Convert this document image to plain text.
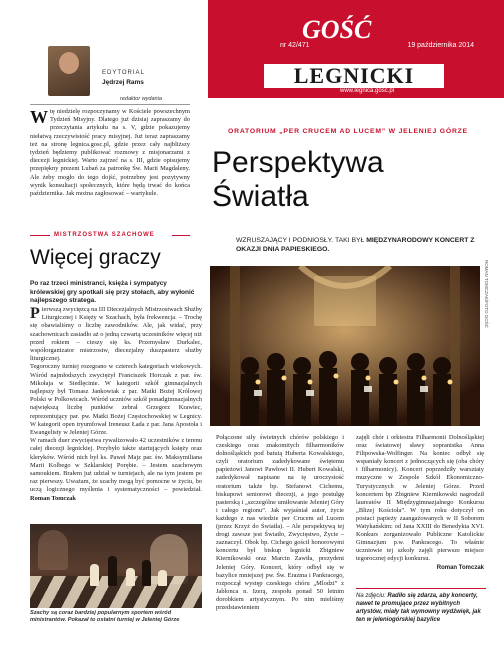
nr 42/471	19 października 2014
GOŚĆ
LEGNICKI
www.legnica.gosc.pl
EDYTORIAL
Jędrzej Rams
redaktor wydania
Wtę niedzielę rozpoczynamy w Kościele powszechnym Tydzień Misyjny. Dlatego już dzisiaj zapraszamy do przeczytania artykułu na s. V, gdzie pokazujemy niełatwą rzeczywistość pracy misyjnej. Już teraz zapraszamy też na stronę legnica.gosc.pl, gdzie przez cały najbliższy tydzień będziemy publikować rozmowy z misjonarzami z diecezji legnickiej. Warto zajrzeć na s. III, gdzie opisujemy przepiękny prezent Lubań za patronkę Św. Marii Magdaleny. Ale żeby mogło do tego dojść, potrzebny jest pozytywny wynik konsultacji społecznych, które będą trwać do końca października. Jak można zagłosować – wartykule.
MISTRZOSTWA SZACHOWE
Więcej graczy
Po raz trzeci ministranci, księża i sympatycy królewskiej gry spotkali się przy stołach, aby wyłonić najlepszego stratega.

Pierwszą zwycięzcą na III Diecezjalnych Mistrzostwach Służby Liturgicznej i Księży w Szachach, była frekwencja. – Trochę się obawialiśmy o liczbę zawodników. Ale, jak widać, przy szachownicach zasiadło aż o jedną czwartą uczestników więcej niż przed rokiem – cieszy się ks. Przemysław Durkalec, współorganizator mistrzostw, diecezjalny duszpasterz służby liturgicznej.

Tegoroczny turniej rozegrano w czterech kategoriach wiekowych. Wśród najmłodszych zwyciężył Franciszek Horczak z par. św. Mikołaja w Siedlęcinie. W kategorii szkół gimnazjalnych najlepszy był Tomasz Jankowiak z par. Matki Bożej Królowej Polski w Polkowicach. Wśród uczniów szkół ponadgimnazjalnych największą liczbę punktów zebrał Grzegorz Krawiec, reprezentujący par. pw. Matki Bożej Częstochowskiej w Legnicy. W kategorii open tryumfował Ireneusz Łada z par. Jana Apostoła i Ewangelisty w Jeleniej Górze.

W ramach duer zwycięstwa rywalizowało 42 uczestników z terenu całej diecezji legnickiej. Przybyło także startujących księży oraz kleryków. Wśród nich był ks. Paweł Majz par. św. Maksymiliana Marii Kolbego w Szklarskiej Porębie. – Jestem szachowym samoukiem. Brałem już udział w turniejach, ale na tym jestem po raz pierwszy. Uważam, że szachy mogą być pomocne w życiu, bo uczą logicznego myślenia i systematyczności – powiedział. Roman Tomczak

Szachy są coraz bardziej popularnym sportem wśród ministrantów. Pokazał to ostatni turniej w Jeleniej Górze
ORATORIUM „PER CRUCEM AD LUCEM” W JELENIEJ GÓRZE
Perspektywa
Światła
WZRUSZAJĄCY I PODNIOSŁY. TAKI BYŁ MIĘDZYNARODOWY KONCERT Z OKAZJI DNIA PAPIESKIEGO.
ROMAN TOMCZAK/FOTO GOŚĆ
Połączone siły świetnych chórów polskiego i czeskiego oraz znakomitych filharmoników dolnośląskich pod batutą Huberta Kowalskiego, czyli oratorium zadedykowane świętemu papieżowi Janowi Pawłowi II. Hubert Kowalski, zadedykował napisane na tę uroczystość oratorium także bp. Stefanowi Cichemu, biskupowi seniorowi diecezji, a jego postulgę pasterską i „szczególne umiłowanie Jeleniej Góry i całego regionu”. Jak wyjaśniał autor, życie każdego z nas wiedzie per Crucem ad Lucem (przez Krzyż do Światła). – Ale perspektywą tej drogi zawsze jest Światło, Zwycięstwo, Życie – zaznaczył. Obok bp. Cichego gościł honorowymi koncertu był biskup legnicki Zbigniew Kiernikowski oraz Marcin Zawiła, prezydent Jeleniej Góry. Koncert, który odbył się w bazylice mniejszej pw. Św. Erazma i Pankracego, rozpoczął występ czeskiego chóru „Mlodzi” z Jablonca n. Izerą, zespołu ponad 50 letnim dorobkiem artystycznym. Po nim mieliśmy przedstawieniem
zajęli chór i orkiestra Filharmonii Dolnośląskiej oraz światowej sławy sopranistka Anna Filipowska-Wolfinger. Na koniec odbył się wspaniały koncert z jednoczących się (oba chóry i filharmonicy). Koncert poprzedziły warsztaty muzyczne w Zespole Szkół Ekonomiczno-Turystycznych w Jeleniej Górze. Przed koncertem bp Zbigniew Kiernikowski nagrodził laureatów II Międzygimnazjalnego Konkursu „Blizej Kościoła”. W tym roku dotyczył on postaci papieży zaangażowanych w II Soborem Watykańskim: od Jana XXIII do Benedykta XVI. Konkurs zorganizowało Publiczne Katolickie Gimnazjum p.w. Pankracego. To właśnie uczniowie tej szkoły zajęli pierwsze miejsce tegorocznej edycji konkursu.
Roman Tomczak
Na zdjęciu: Radiło się zdarza, aby koncerty, nawet te promujące przez wybitnych artystów, miały tak wymowny wydźwięk, jak ten w jeleniogórskiej bazylice
